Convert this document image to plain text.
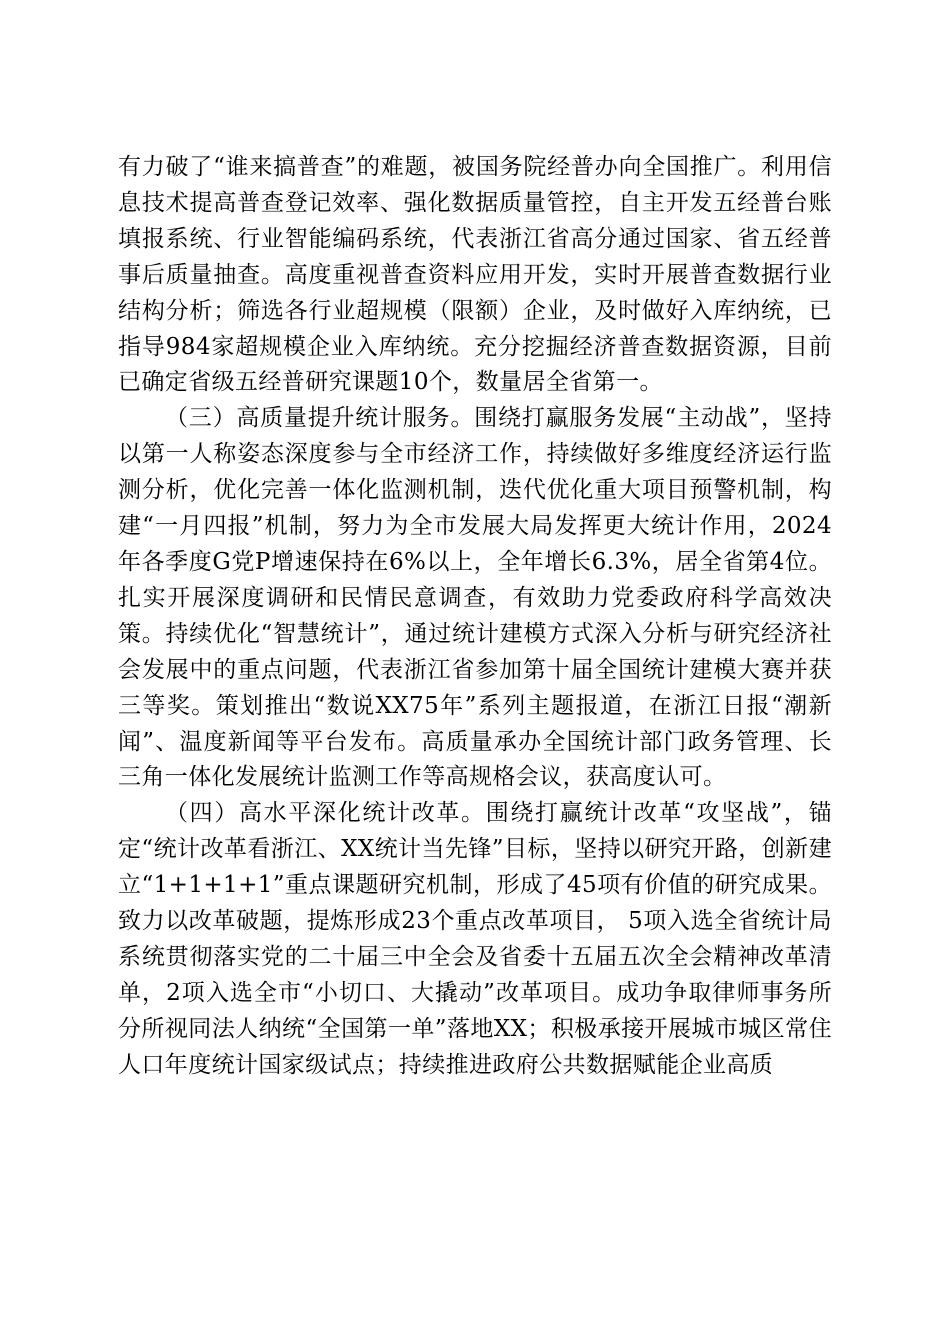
有力破了“谁来搞普查”的难题，被国务院经普办向全国推广。利用信息技术提高普查登记效率、强化数据质量管控，自主开发五经普台账填报系统、行业智能编码系统，代表浙江省高分通过国家、省五经普事后质量抽查。高度重视普查资料应用开发，实时开展普查数据行业结构分析；筛选各行业超规模（限额）企业，及时做好入库纳统，已指导984家超规模企业入库纳统。充分挖掘经济普查数据资源，目前已确定省级五经普研究课题10个，数量居全省第一。

（三）高质量提升统计服务。围绕打赢服务发展“主动战”，坚持以第一人称姿态深度参与全市经济工作，持续做好多维度经济运行监测分析，优化完善一体化监测机制，迭代优化重大项目预警机制，构建“一月四报”机制，努力为全市发展大局发挥更大统计作用，2024年各季度G党P增速保持在6%以上，全年增长6.3%，居全省第4位。扎实开展深度调研和民情民意调查，有效助力党委政府科学高效决策。持续优化“智慧统计”，通过统计建模方式深入分析与研究经济社会发展中的重点问题，代表浙江省参加第十届全国统计建模大赛并获三等奖。策划推出“数说XX75年”系列主题报道，在浙江日报“潮新闻”、温度新闻等平台发布。高质量承办全国统计部门政务管理、长三角一体化发展统计监测工作等高规格会议，获高度认可。

（四）高水平深化统计改革。围绕打赢统计改革“攻坚战”，锚定“统计改革看浙江、XX统计当先锋”目标，坚持以研究开路，创新建立“1+1+1+1”重点课题研究机制，形成了45项有价值的研究成果。致力以改革破题，提炼形成23个重点改革项目， 5项入选全省统计局系统贯彻落实党的二十届三中全会及省委十五届五次全会精神改革清单，2项入选全市“小切口、大撬动”改革项目。成功争取律师事务所分所视同法人纳统“全国第一单”落地XX；积极承接开展城市城区常住人口年度统计国家级试点；持续推进政府公共数据赋能企业高质
